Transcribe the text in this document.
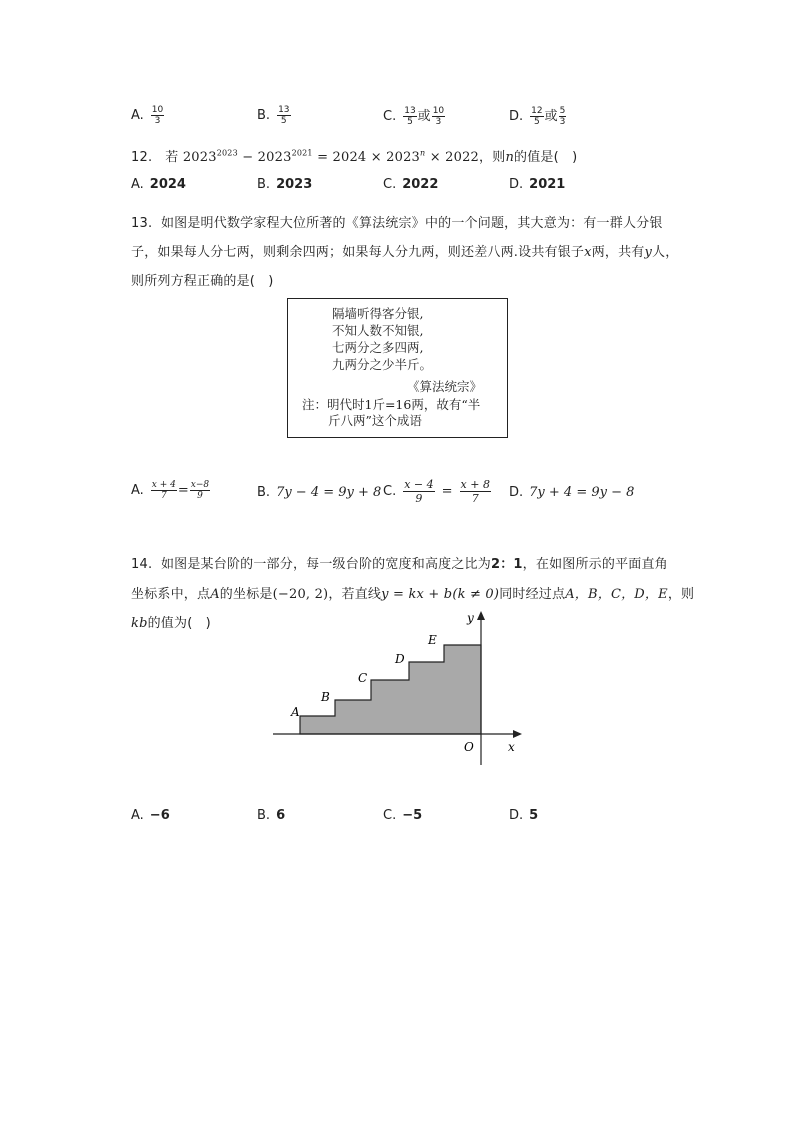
A. $\frac{10}{3}$	B. $\frac{13}{5}$	C. $\frac{13}{5}$ 或 $\frac{10}{3}$	D. $\frac{12}{5}$ 或 $\frac{5}{3}$
12. 若 $2023^{2023} - 2023^{2021} = 2024 \times 2023^n \times 2022$，则n的值是(　)
A. 2024	B. 2023	C. 2022	D. 2021
13. 如图是明代数学家程大位所著的《算法统宗》中的一个问题，其大意为：有一群人分银
子，如果每人分七两，则剩余四两；如果每人分九两，则还差八两.设共有银子x两，共有y人，
则所列方程正确的是(　)
隔墙听得客分银,
不知人数不知银,
七两分之多四两,
九两分之少半斤。
《算法统宗》
注：明代时1斤=16两，故有“半
斤八两”这个成语
A. $\frac{x + 4}{7} = \frac{x-8}{9}$	B. 7y − 4 = 9y + 8 C. $\frac{x - 4}{9} = \frac{x + 8}{7} D$. 7y + 4 = 9y − 8
14. 如图是某台阶的一部分，每一级台阶的宽度和高度之比为2：1，在如图所示的平面直角
坐标系中，点A的坐标是(−20, 2)，若直线y = kx + b(k ≠ 0)同时经过点A，B，C，D，E，则
kb的值为(　)
A
B
C
D
E
O	x
y
A. −6	B. 6	C. −5	D. 5
